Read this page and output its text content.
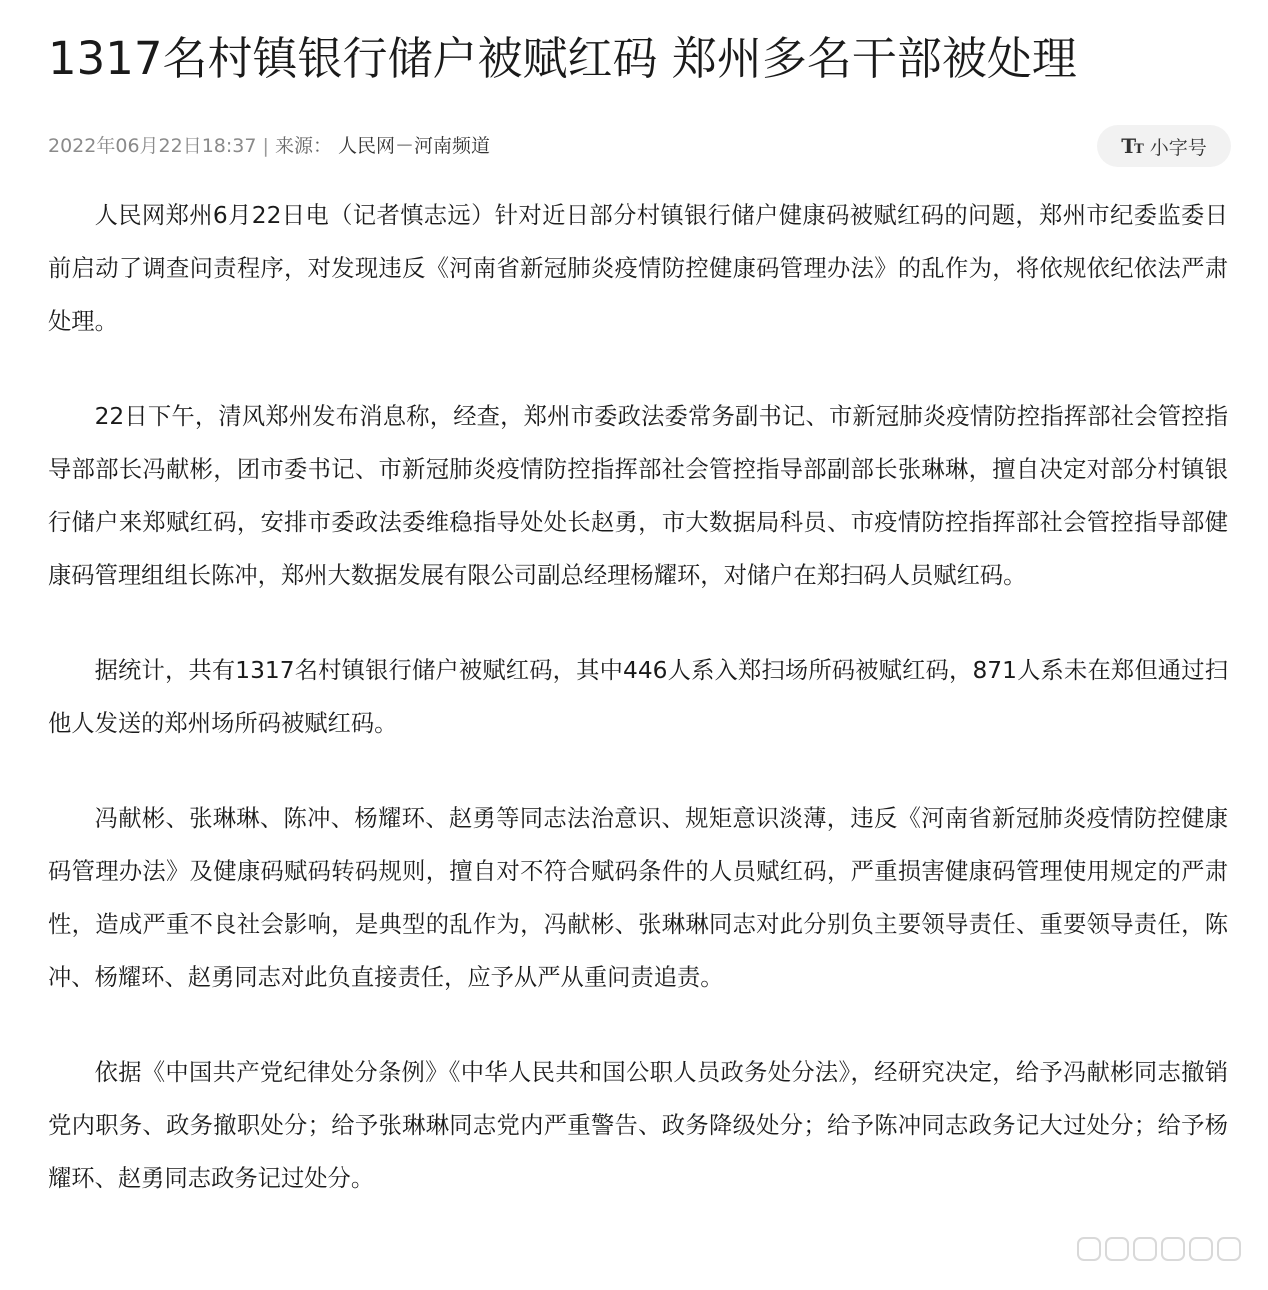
1317名村镇银行储户被赋红码 郑州多名干部被处理
2022年06月22日18:37 | 来源： 人民网－河南频道	TT 小字号

人民网郑州6月22日电（记者慎志远）针对近日部分村镇银行储户健康码被赋红码的问题，郑州市纪委监委日前启动了调查问责程序，对发现违反《河南省新冠肺炎疫情防控健康码管理办法》的乱作为，将依规依纪依法严肃处理。

22日下午，清风郑州发布消息称，经查，郑州市委政法委常务副书记、市新冠肺炎疫情防控指挥部社会管控指导部部长冯献彬，团市委书记、市新冠肺炎疫情防控指挥部社会管控指导部副部长张琳琳，擅自决定对部分村镇银行储户来郑赋红码，安排市委政法委维稳指导处处长赵勇，市大数据局科员、市疫情防控指挥部社会管控指导部健康码管理组组长陈冲，郑州大数据发展有限公司副总经理杨耀环，对储户在郑扫码人员赋红码。

据统计，共有1317名村镇银行储户被赋红码，其中446人系入郑扫场所码被赋红码，871人系未在郑但通过扫他人发送的郑州场所码被赋红码。

冯献彬、张琳琳、陈冲、杨耀环、赵勇等同志法治意识、规矩意识淡薄，违反《河南省新冠肺炎疫情防控健康码管理办法》及健康码赋码转码规则，擅自对不符合赋码条件的人员赋红码，严重损害健康码管理使用规定的严肃性，造成严重不良社会影响，是典型的乱作为，冯献彬、张琳琳同志对此分别负主要领导责任、重要领导责任，陈冲、杨耀环、赵勇同志对此负直接责任，应予从严从重问责追责。

依据《中国共产党纪律处分条例》《中华人民共和国公职人员政务处分法》，经研究决定，给予冯献彬同志撤销党内职务、政务撤职处分；给予张琳琳同志党内严重警告、政务降级处分；给予陈冲同志政务记大过处分；给予杨耀环、赵勇同志政务记过处分。
